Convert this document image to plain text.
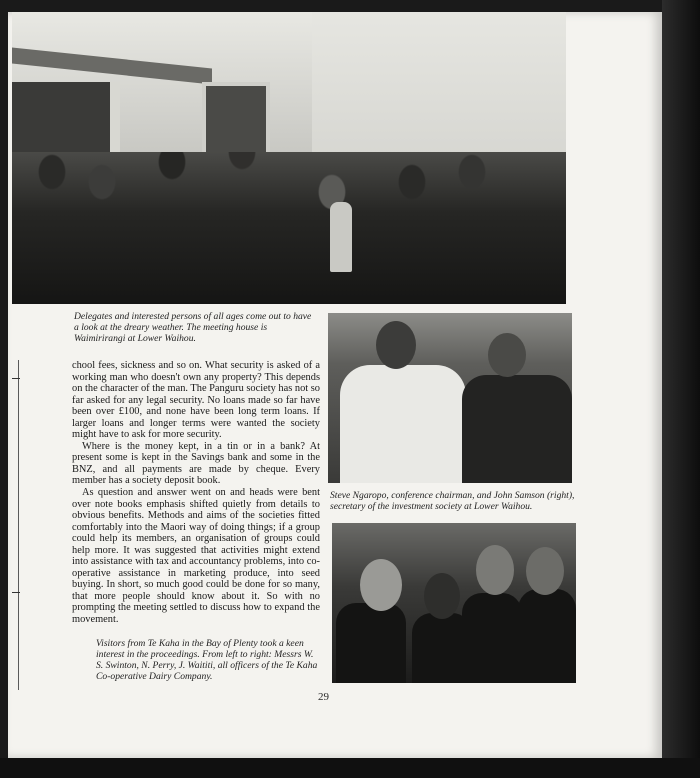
Delegates and interested persons of all ages come out to have a look at the dreary weather. The meeting house is Waimirirangi at Lower Waihou.

Steve Ngaropo, conference chairman, and John Samson (right), secretary of the investment society at Lower Waihou.

chool fees, sickness and so on. What security is asked of a working man who doesn't own any property? This depends on the character of the man. The Panguru society has not so far asked for any legal security. No loans made so far have been over £100, and none have been long term loans. If larger loans and longer terms were wanted the society might have to ask for more security.

Where is the money kept, in a tin or in a bank? At present some is kept in the Savings bank and some in the BNZ, and all payments are made by cheque. Every member has a society deposit book.

As question and answer went on and heads were bent over note books emphasis shifted quietly from details to obvious benefits. Methods and aims of the societies fitted comfortably into the Maori way of doing things; if a group could help its members, an organisation of groups could help more. It was suggested that activities might extend into assistance with tax and accountancy problems, into co-operative assistance in marketing produce, into seed buying. In short, so much good could be done for so many, that more people should know about it. So with no prompting the meeting settled to discuss how to expand the movement.

Visitors from Te Kaha in the Bay of Plenty took a keen interest in the proceedings. From left to right: Messrs W. S. Swinton, N. Perry, J. Waititi, all officers of the Te Kaha Co-operative Dairy Company.

29
